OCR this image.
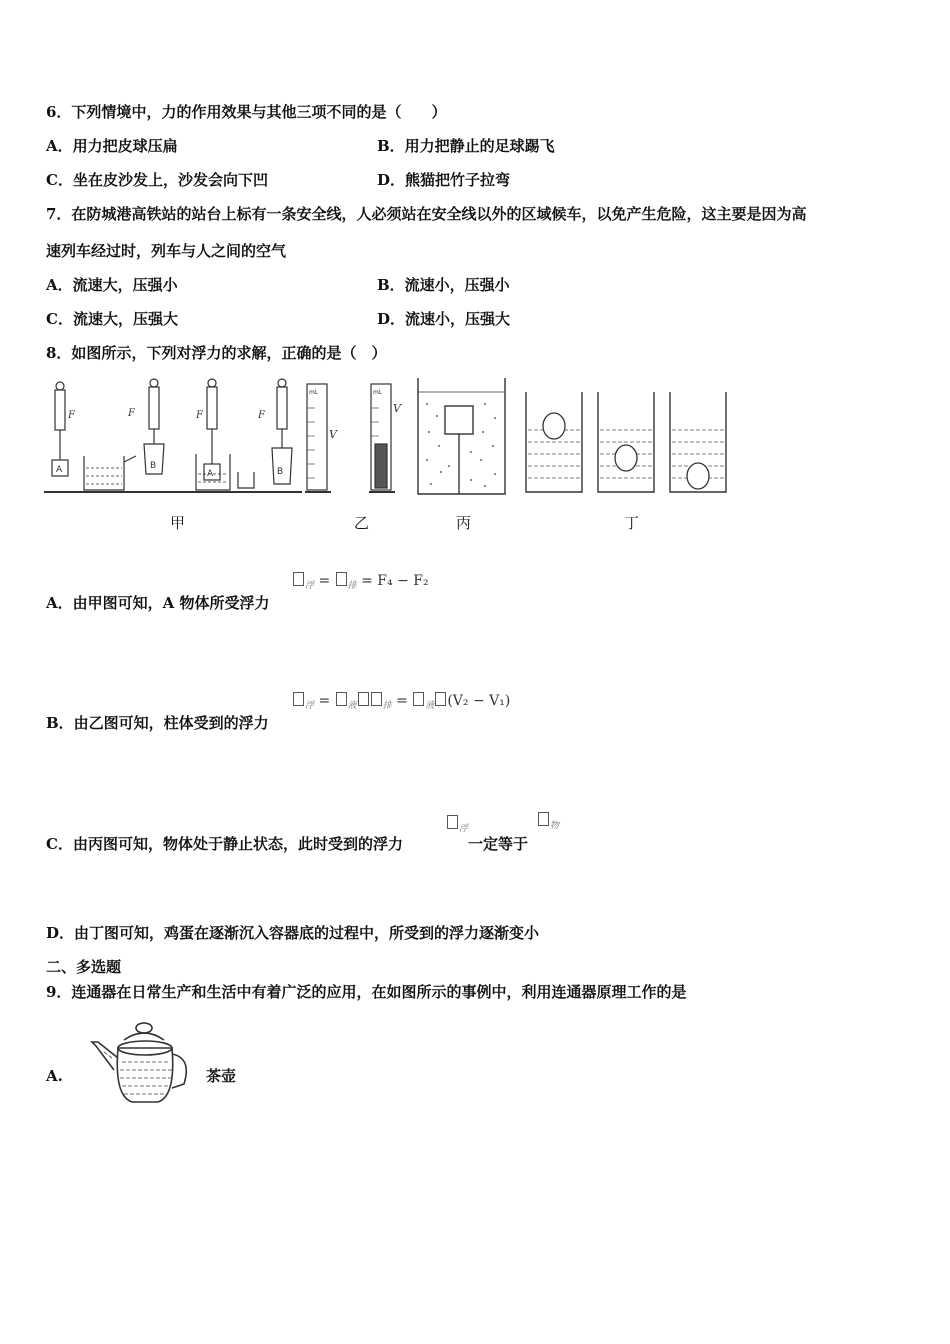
6．下列情境中，力的作用效果与其他三项不同的是（　　）
A．用力把皮球压扁	B．用力把静止的足球踢飞
C．坐在皮沙发上，沙发会向下凹	D．熊猫把竹子拉弯
7．在防城港高铁站的站台上标有一条安全线，人必须站在安全线以外的区域候车，以免产生危险，这主要是因为高
速列车经过时，列车与人之间的空气
A．流速大，压强小	B．流速小，压强小
C．流速大，压强大	D．流速小，压强大
8．如图所示，下列对浮力的求解，正确的是（　）
F	F	F	F
A	B
A	B
V
V
mL	mL
甲	乙	丙	丁
$_浮$ = $_排$ = F₄ − F₂
A．由甲图可知，A 物体所受浮力
$_浮$ = $_液$	$_排$ = $_液$ (V₂ − V₁)
B．由乙图可知，柱体受到的浮力
$_浮$	$_物$
C．由丙图可知，物体处于静止状态，此时受到的浮力	一定等于
D．由丁图可知，鸡蛋在逐渐沉入容器底的过程中，所受到的浮力逐渐变小
二、多选题
9．连通器在日常生产和生活中有着广泛的应用，在如图所示的事例中，利用连通器原理工作的是
A.	茶壶
